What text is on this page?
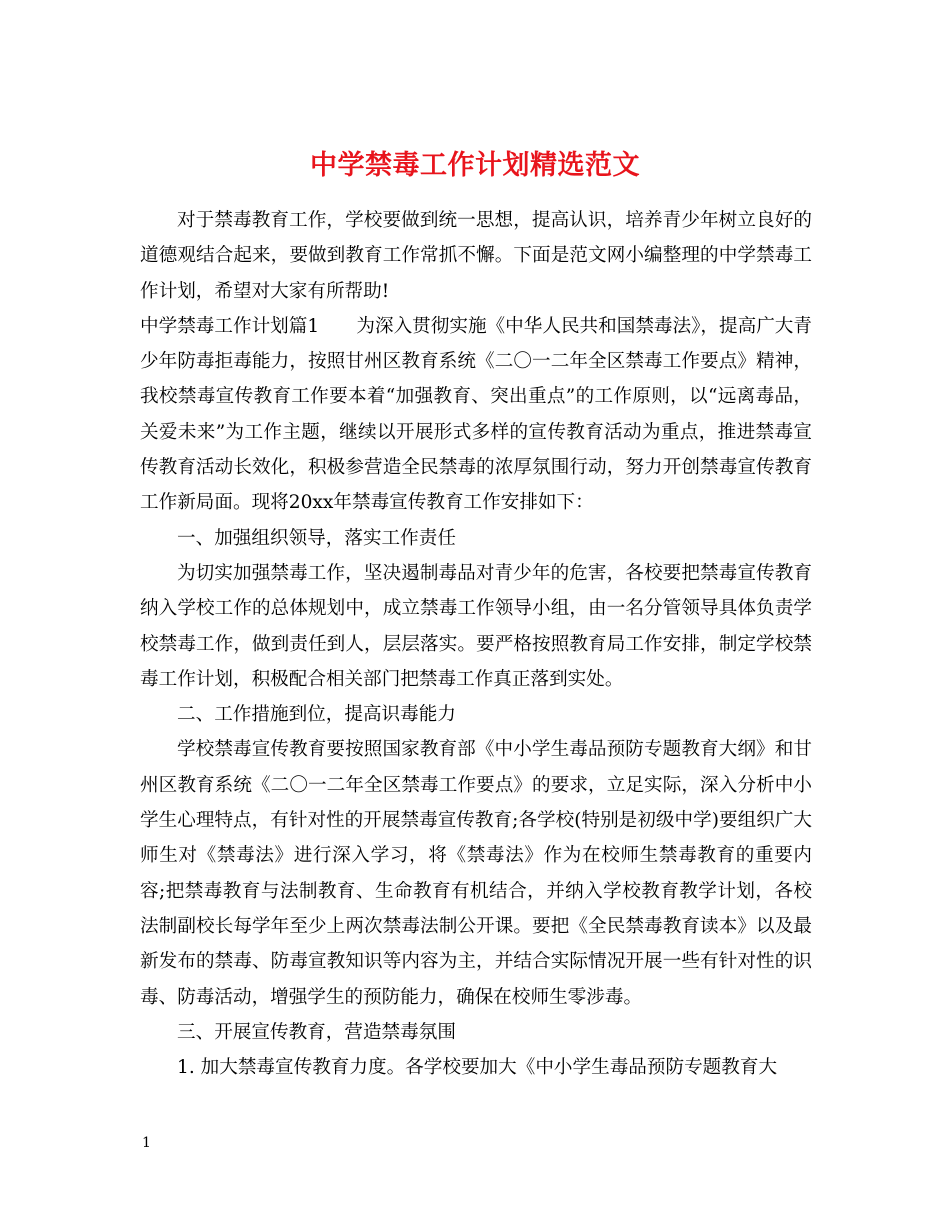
中学禁毒工作计划精选范文

对于禁毒教育工作，学校要做到统一思想，提高认识，培养青少年树立良好的道德观结合起来，要做到教育工作常抓不懈。下面是范文网小编整理的中学禁毒工作计划，希望对大家有所帮助!

中学禁毒工作计划篇1　　为深入贯彻实施《中华人民共和国禁毒法》，提高广大青少年防毒拒毒能力，按照甘州区教育系统《二〇一二年全区禁毒工作要点》精神，我校禁毒宣传教育工作要本着“加强教育、突出重点”的工作原则，以“远离毒品，关爱未来”为工作主题，继续以开展形式多样的宣传教育活动为重点，推进禁毒宣传教育活动长效化，积极参营造全民禁毒的浓厚氛围行动，努力开创禁毒宣传教育工作新局面。现将20xx年禁毒宣传教育工作安排如下：

一、加强组织领导，落实工作责任

为切实加强禁毒工作，坚决遏制毒品对青少年的危害，各校要把禁毒宣传教育纳入学校工作的总体规划中，成立禁毒工作领导小组，由一名分管领导具体负责学校禁毒工作，做到责任到人，层层落实。要严格按照教育局工作安排，制定学校禁毒工作计划，积极配合相关部门把禁毒工作真正落到实处。

二、工作措施到位，提高识毒能力

学校禁毒宣传教育要按照国家教育部《中小学生毒品预防专题教育大纲》和甘州区教育系统《二〇一二年全区禁毒工作要点》的要求，立足实际，深入分析中小学生心理特点，有针对性的开展禁毒宣传教育;各学校(特别是初级中学)要组织广大师生对《禁毒法》进行深入学习，将《禁毒法》作为在校师生禁毒教育的重要内容;把禁毒教育与法制教育、生命教育有机结合，并纳入学校教育教学计划，各校法制副校长每学年至少上两次禁毒法制公开课。要把《全民禁毒教育读本》以及最新发布的禁毒、防毒宣教知识等内容为主，并结合实际情况开展一些有针对性的识毒、防毒活动，增强学生的预防能力，确保在校师生零涉毒。

三、开展宣传教育，营造禁毒氛围

1. 加大禁毒宣传教育力度。各学校要加大《中小学生毒品预防专题教育大

1
